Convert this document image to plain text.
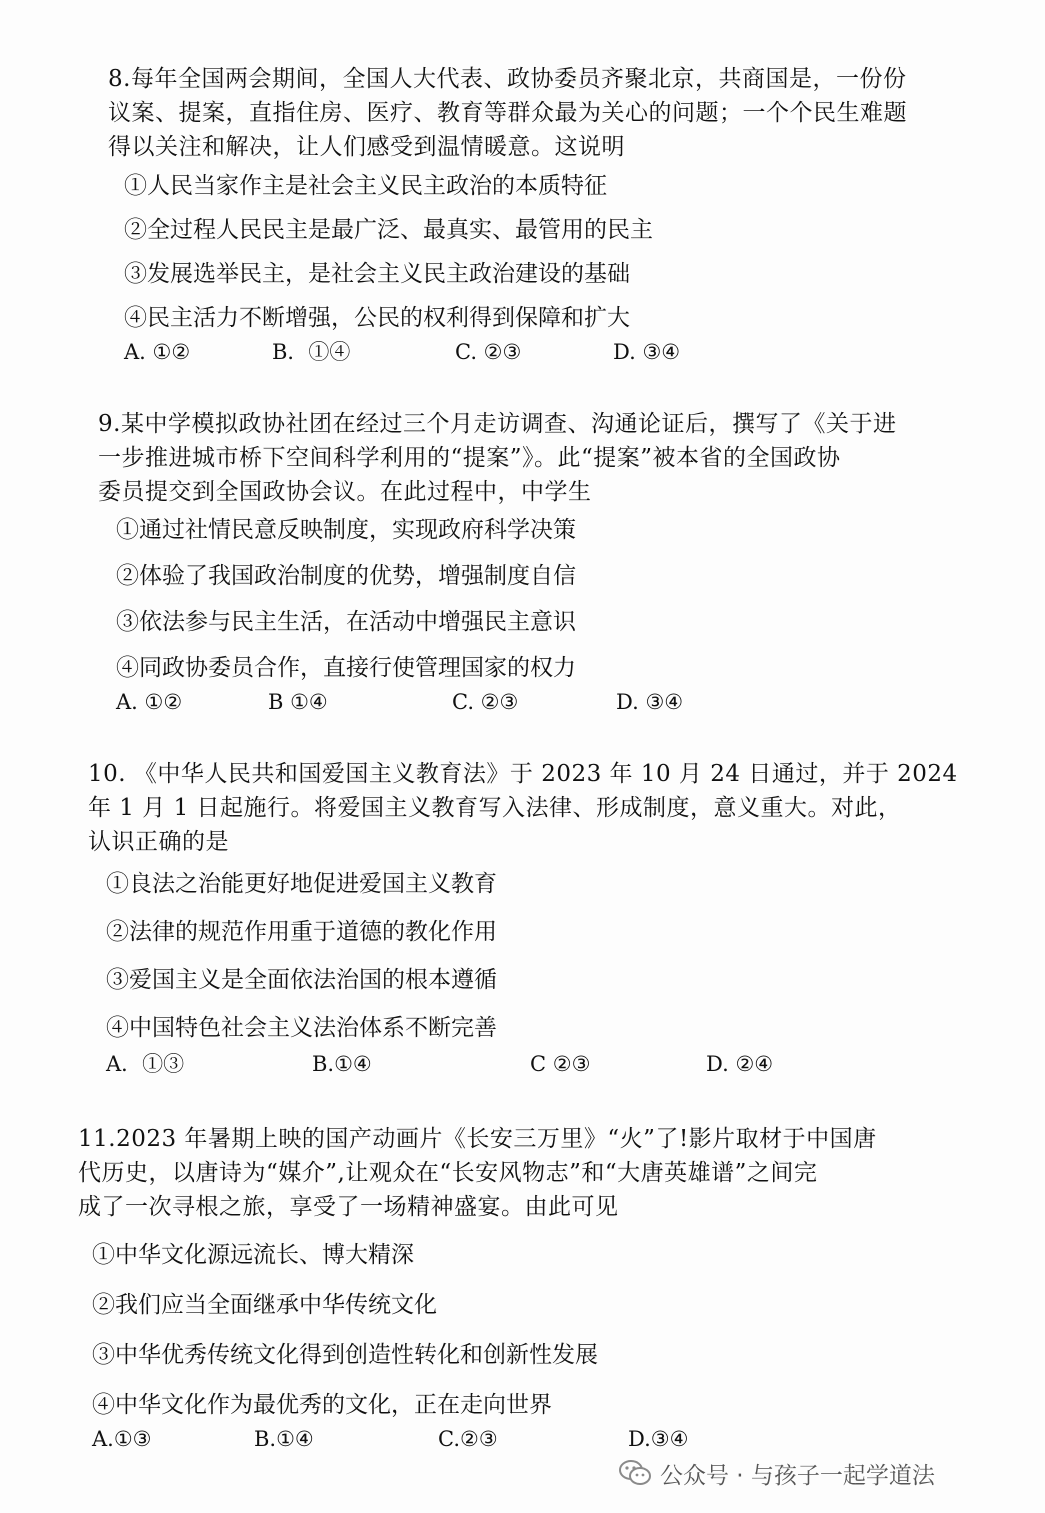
8.每年全国两会期间，全国人大代表、政协委员齐聚北京，共商国是，一份份
议案、提案，直指住房、医疗、教育等群众最为关心的问题；一个个民生难题
得以关注和解决，让人们感受到温情暖意。这说明
①人民当家作主是社会主义民主政治的本质特征
②全过程人民民主是最广泛、最真实、最管用的民主
③发展选举民主，是社会主义民主政治建设的基础
④民主活力不断增强，公民的权利得到保障和扩大
A. ①②	B．①④	C. ②③	D. ③④
9.某中学模拟政协社团在经过三个月走访调查、沟通论证后，撰写了《关于进
一步推进城市桥下空间科学利用的“提案”》。此“提案”被本省的全国政协
委员提交到全国政协会议。在此过程中，中学生
①通过社情民意反映制度，实现政府科学决策
②体验了我国政治制度的优势，增强制度自信
③依法参与民主生活，在活动中增强民主意识
④同政协委员合作，直接行使管理国家的权力
A. ①②	B ①④	C. ②③	D. ③④
10. 《中华人民共和国爱国主义教育法》于 2023 年 10 月 24 日通过，并于 2024
年 1 月 1 日起施行。将爱国主义教育写入法律、形成制度，意义重大。对此，
认识正确的是
①良法之治能更好地促进爱国主义教育
②法律的规范作用重于道德的教化作用
③爱国主义是全面依法治国的根本遵循
④中国特色社会主义法治体系不断完善
A．①③	B.①④	C ②③	D. ②④
11.2023 年暑期上映的国产动画片《长安三万里》“火”了!影片取材于中国唐
代历史，以唐诗为“媒介”,让观众在“长安风物志”和“大唐英雄谱”之间完
成了一次寻根之旅，享受了一场精神盛宴。由此可见
①中华文化源远流长、博大精深
②我们应当全面继承中华传统文化
③中华优秀传统文化得到创造性转化和创新性发展
④中华文化作为最优秀的文化，正在走向世界
A.①③	B.①④	C.②③	D.③④
公众号 · 与孩子一起学道法
